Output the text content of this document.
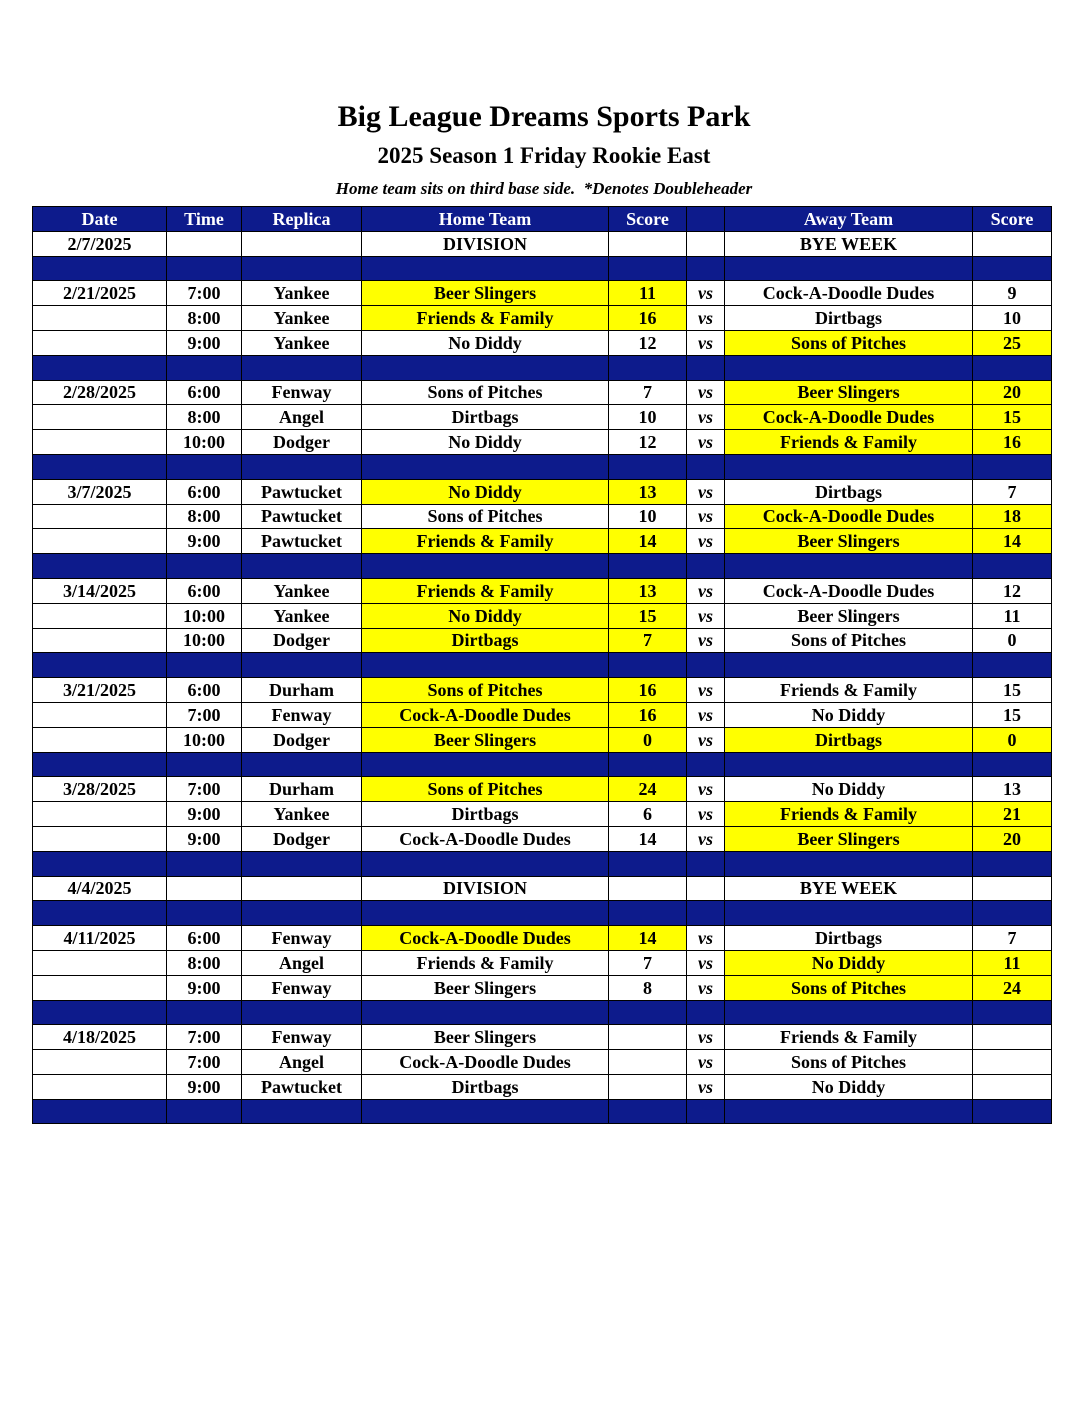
Big League Dreams Sports Park
2025 Season 1 Friday Rookie East
Home team sits on third base side.  *Denotes Doubleheader
Date	Time	Replica	Home Team	Score		Away Team	Score
2/7/2025			DIVISION			BYE WEEK	

2/21/2025	7:00	Yankee	Beer Slingers	11	vs	Cock-A-Doodle Dudes	9
	8:00	Yankee	Friends & Family	16	vs	Dirtbags	10
	9:00	Yankee	No Diddy	12	vs	Sons of Pitches	25

2/28/2025	6:00	Fenway	Sons of Pitches	7	vs	Beer Slingers	20
	8:00	Angel	Dirtbags	10	vs	Cock-A-Doodle Dudes	15
	10:00	Dodger	No Diddy	12	vs	Friends & Family	16

3/7/2025	6:00	Pawtucket	No Diddy	13	vs	Dirtbags	7
	8:00	Pawtucket	Sons of Pitches	10	vs	Cock-A-Doodle Dudes	18
	9:00	Pawtucket	Friends & Family	14	vs	Beer Slingers	14

3/14/2025	6:00	Yankee	Friends & Family	13	vs	Cock-A-Doodle Dudes	12
	10:00	Yankee	No Diddy	15	vs	Beer Slingers	11
	10:00	Dodger	Dirtbags	7	vs	Sons of Pitches	0

3/21/2025	6:00	Durham	Sons of Pitches	16	vs	Friends & Family	15
	7:00	Fenway	Cock-A-Doodle Dudes	16	vs	No Diddy	15
	10:00	Dodger	Beer Slingers	0	vs	Dirtbags	0

3/28/2025	7:00	Durham	Sons of Pitches	24	vs	No Diddy	13
	9:00	Yankee	Dirtbags	6	vs	Friends & Family	21
	9:00	Dodger	Cock-A-Doodle Dudes	14	vs	Beer Slingers	20

4/4/2025			DIVISION			BYE WEEK	

4/11/2025	6:00	Fenway	Cock-A-Doodle Dudes	14	vs	Dirtbags	7
	8:00	Angel	Friends & Family	7	vs	No Diddy	11
	9:00	Fenway	Beer Slingers	8	vs	Sons of Pitches	24

4/18/2025	7:00	Fenway	Beer Slingers		vs	Friends & Family	
	7:00	Angel	Cock-A-Doodle Dudes		vs	Sons of Pitches	
	9:00	Pawtucket	Dirtbags		vs	No Diddy	
